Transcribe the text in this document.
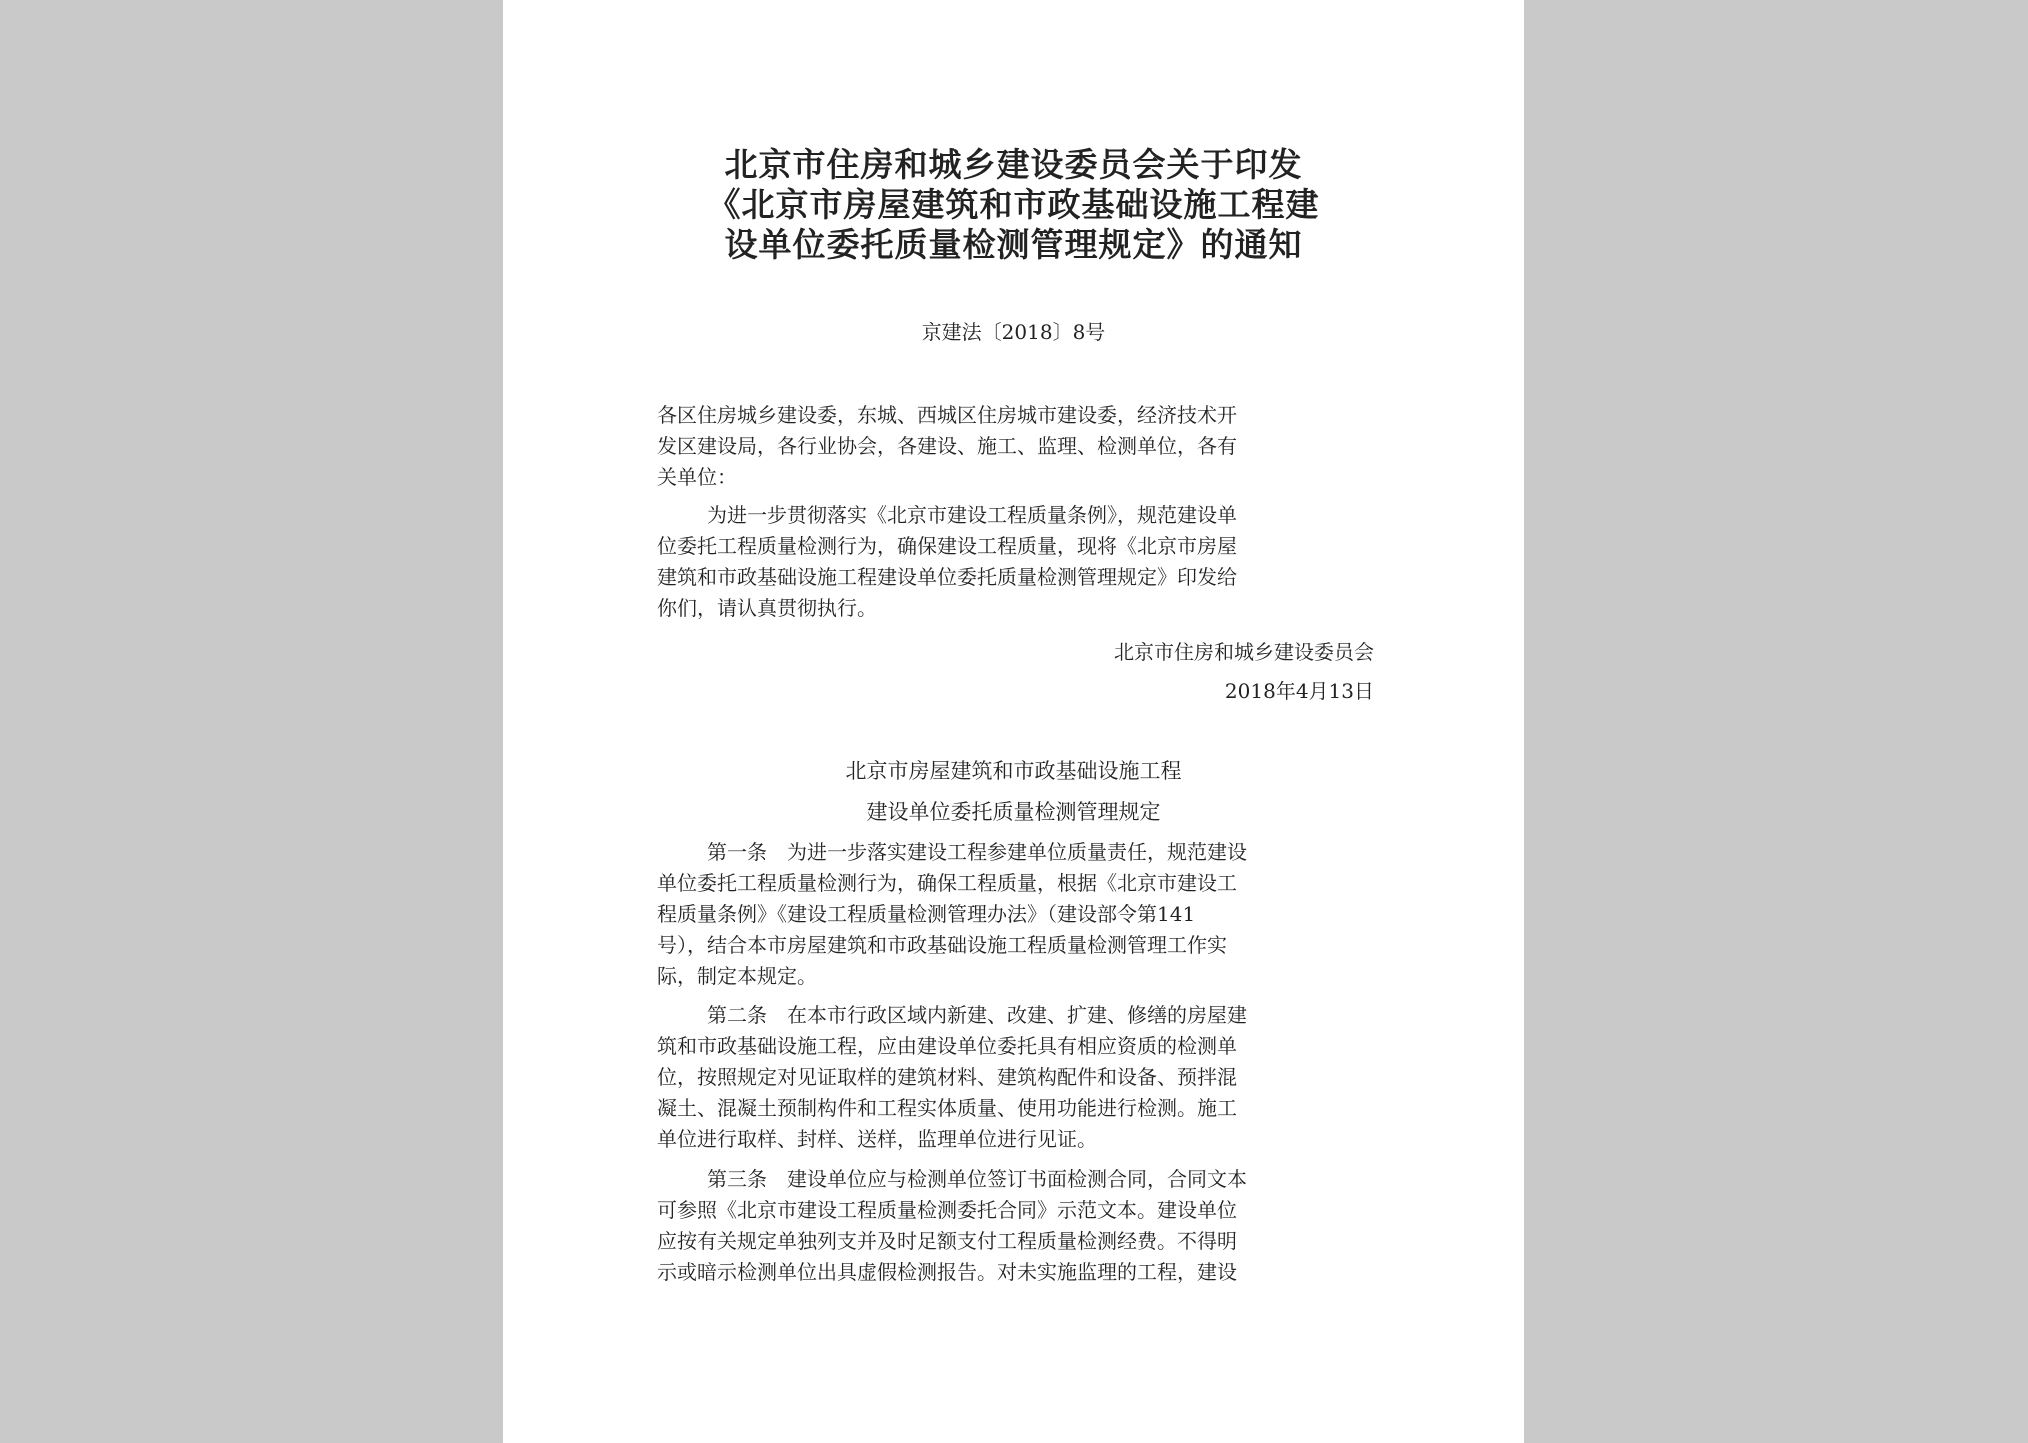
北京市住房和城乡建设委员会关于印发
《北京市房屋建筑和市政基础设施工程建
设单位委托质量检测管理规定》的通知
京建法〔2018〕8号
各区住房城乡建设委，东城、西城区住房城市建设委，经济技术开
发区建设局，各行业协会，各建设、施工、监理、检测单位，各有
关单位：
为进一步贯彻落实《北京市建设工程质量条例》，规范建设单
位委托工程质量检测行为，确保建设工程质量，现将《北京市房屋
建筑和市政基础设施工程建设单位委托质量检测管理规定》印发给
你们，请认真贯彻执行。
北京市住房和城乡建设委员会
2018年4月13日
北京市房屋建筑和市政基础设施工程
建设单位委托质量检测管理规定
第一条 为进一步落实建设工程参建单位质量责任，规范建设
单位委托工程质量检测行为，确保工程质量，根据《北京市建设工
程质量条例》《建设工程质量检测管理办法》（建设部令第141
号），结合本市房屋建筑和市政基础设施工程质量检测管理工作实
际，制定本规定。
第二条 在本市行政区域内新建、改建、扩建、修缮的房屋建
筑和市政基础设施工程，应由建设单位委托具有相应资质的检测单
位，按照规定对见证取样的建筑材料、建筑构配件和设备、预拌混
凝土、混凝土预制构件和工程实体质量、使用功能进行检测。施工
单位进行取样、封样、送样，监理单位进行见证。
第三条 建设单位应与检测单位签订书面检测合同，合同文本
可参照《北京市建设工程质量检测委托合同》示范文本。建设单位
应按有关规定单独列支并及时足额支付工程质量检测经费。不得明
示或暗示检测单位出具虚假检测报告。对未实施监理的工程，建设
